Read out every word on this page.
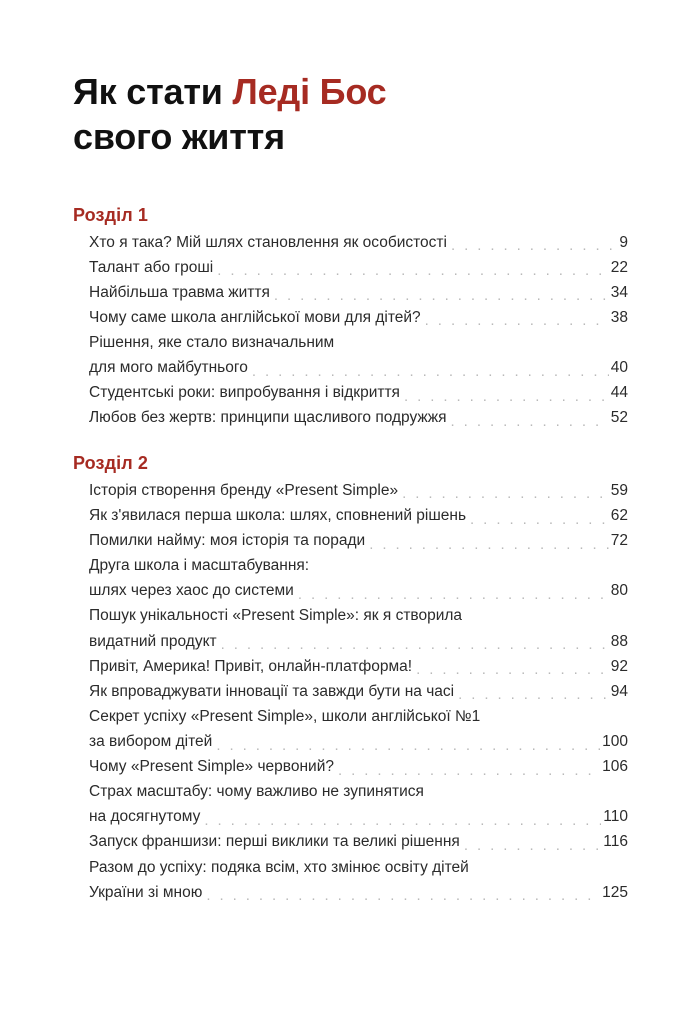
Як стати Леді Бос
свого життя
Розділ 1
Хто я така? Мій шлях становлення як особистості . . .	9
Талант або гроші . . .	22
Найбільша травма життя . . .	34
Чому саме школа англійської мови для дітей? . . .	38
Рішення, яке стало визначальним
для мого майбутнього . . .	40
Студентські роки: випробування і відкриття . . .	44
Любов без жертв: принципи щасливого подружжя . . .	52
Розділ 2
Історія створення бренду «Present Simple» . . .	59
Як з'явилася перша школа: шлях, сповнений рішень . . .	62
Помилки найму: моя історія та поради . . .	72
Друга школа і масштабування:
шлях через хаос до системи . . .	80
Пошук унікальності «Present Simple»: як я створила
видатний продукт . . .	88
Привіт, Америка! Привіт, онлайн-платформа! . . .	92
Як впроваджувати інновації та завжди бути на часі . . .	94
Секрет успіху «Present Simple», школи англійської №1
за вибором дітей . . .	100
Чому «Present Simple» червоний? . . .	106
Страх масштабу: чому важливо не зупинятися
на досягнутому . . .	110
Запуск франшизи: перші виклики та великі рішення . . .	116
Разом до успіху: подяка всім, хто змінює освіту дітей
України зі мною . . .	125
